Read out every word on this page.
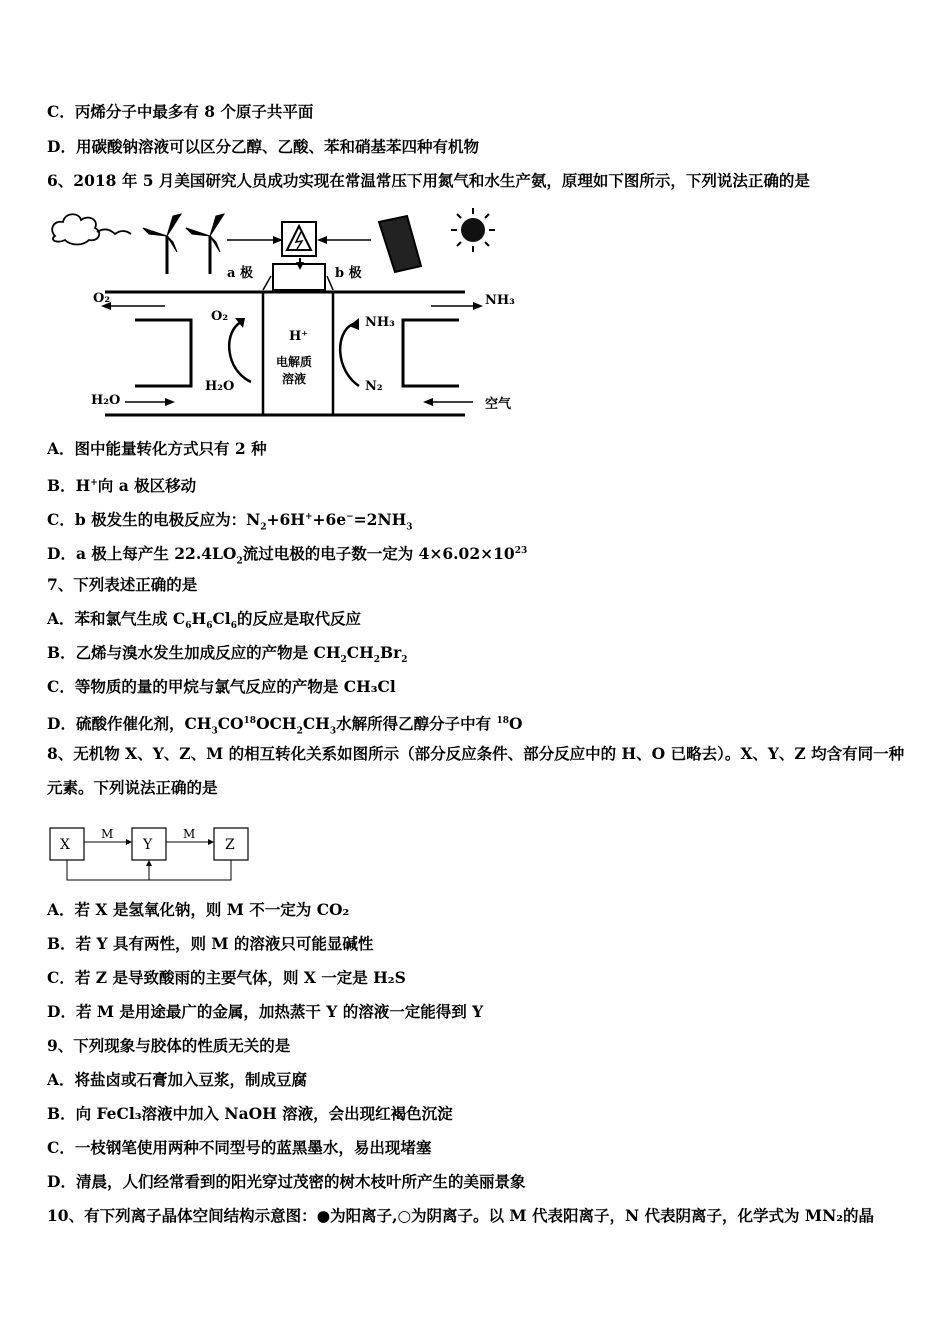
C．丙烯分子中最多有 8 个原子共平面
D．用碳酸钠溶液可以区分乙醇、乙酸、苯和硝基苯四种有机物
6、2018 年 5 月美国研究人员成功实现在常温常压下用氮气和水生产氨，原理如下图所示，下列说法正确的是
a 极	b 极
O₂
H₂O
NH₃
空气
O₂
H₂O
NH₃
N₂
H⁺
电解质
溶液
A．图中能量转化方式只有 2 种
B．H+向 a 极区移动
C．b 极发生的电极反应为：$N_2+6H^++6e^-=2NH_3$
D．a 极上每产生 $22.4LO_2$流过电极的电子数一定为 $4\times 6.02\times 10^{23}$
7、下列表述正确的是
A．苯和氯气生成 $C_6H_6Cl_6$的反应是取代反应
B．乙烯与溴水发生加成反应的产物是 $CH_2CH_2Br_2$
C．等物质的量的甲烷与氯气反应的产物是 CH₃Cl
D．硫酸作催化剂，$CH_3CO^{18}OCH_2CH_3$水解所得乙醇分子中有 $^{18}$O
8、无机物 X、Y、Z、M 的相互转化关系如图所示（部分反应条件、部分反应中的 H、O 已略去）。X、Y、Z 均含有同一种元素。下列说法正确的是
X	Y	Z
M	M
A．若 X 是氢氧化钠，则 M 不一定为 CO₂
B．若 Y 具有两性，则 M 的溶液只可能显碱性
C．若 Z 是导致酸雨的主要气体，则 X 一定是 H₂S
D．若 M 是用途最广的金属，加热蒸干 Y 的溶液一定能得到 Y
9、下列现象与胶体的性质无关的是
A．将盐卤或石膏加入豆浆，制成豆腐
B．向 FeCl₃溶液中加入 NaOH 溶液，会出现红褐色沉淀
C．一枝钢笔使用两种不同型号的蓝黑墨水，易出现堵塞
D．清晨，人们经常看到的阳光穿过茂密的树木枝叶所产生的美丽景象
10、有下列离子晶体空间结构示意图：●为阳离子,○为阴离子。以 M 代表阳离子，N 代表阴离子，化学式为 MN₂的晶
